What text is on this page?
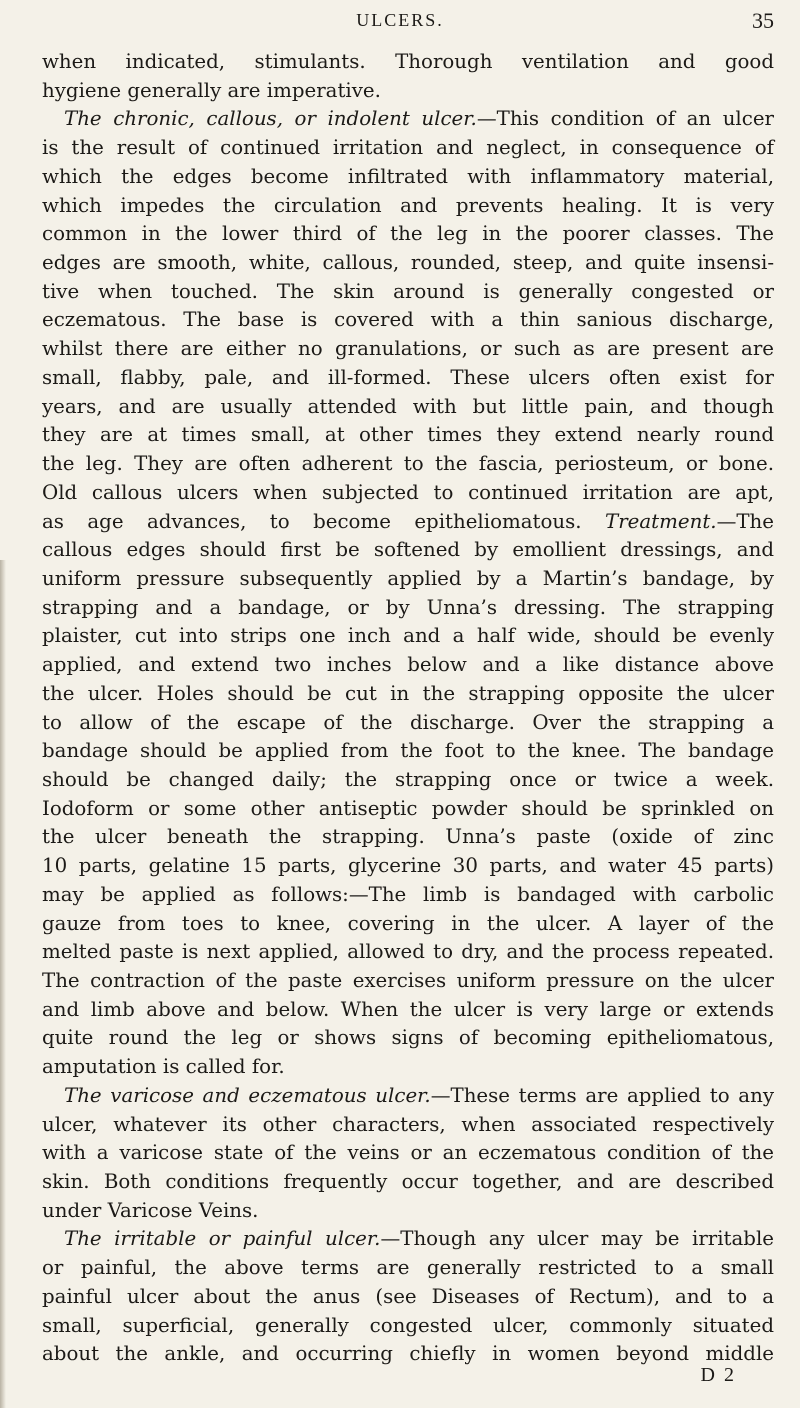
ULCERS.	35
when indicated, stimulants. Thorough ventilation and good
hygiene generally are imperative.
The chronic, callous, or indolent ulcer.—This condition of an ulcer
is the result of continued irritation and neglect, in consequence of
which the edges become infiltrated with inflammatory material,
which impedes the circulation and prevents healing. It is very
common in the lower third of the leg in the poorer classes. The
edges are smooth, white, callous, rounded, steep, and quite insensi-
tive when touched. The skin around is generally congested or
eczematous. The base is covered with a thin sanious discharge,
whilst there are either no granulations, or such as are present are
small, flabby, pale, and ill-formed. These ulcers often exist for
years, and are usually attended with but little pain, and though
they are at times small, at other times they extend nearly round
the leg. They are often adherent to the fascia, periosteum, or bone.
Old callous ulcers when subjected to continued irritation are apt,
as age advances, to become epitheliomatous. Treatment.—The
callous edges should first be softened by emollient dressings, and
uniform pressure subsequently applied by a Martin’s bandage, by
strapping and a bandage, or by Unna’s dressing. The strapping
plaister, cut into strips one inch and a half wide, should be evenly
applied, and extend two inches below and a like distance above
the ulcer. Holes should be cut in the strapping opposite the ulcer
to allow of the escape of the discharge. Over the strapping a
bandage should be applied from the foot to the knee. The bandage
should be changed daily; the strapping once or twice a week.
Iodoform or some other antiseptic powder should be sprinkled on
the ulcer beneath the strapping. Unna’s paste (oxide of zinc
10 parts, gelatine 15 parts, glycerine 30 parts, and water 45 parts)
may be applied as follows:—The limb is bandaged with carbolic
gauze from toes to knee, covering in the ulcer. A layer of the
melted paste is next applied, allowed to dry, and the process repeated.
The contraction of the paste exercises uniform pressure on the ulcer
and limb above and below. When the ulcer is very large or extends
quite round the leg or shows signs of becoming epitheliomatous,
amputation is called for.
The varicose and eczematous ulcer.—These terms are applied to any
ulcer, whatever its other characters, when associated respectively
with a varicose state of the veins or an eczematous condition of the
skin. Both conditions frequently occur together, and are described
under Varicose Veins.
The irritable or painful ulcer.—Though any ulcer may be irritable
or painful, the above terms are generally restricted to a small
painful ulcer about the anus (see Diseases of Rectum), and to a
small, superficial, generally congested ulcer, commonly situated
about the ankle, and occurring chiefly in women beyond middle
D 2
